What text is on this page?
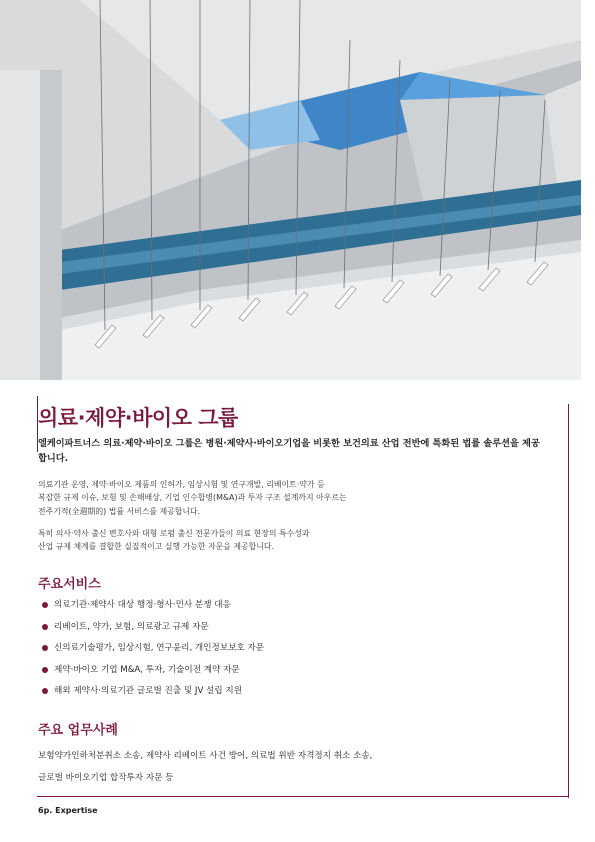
의료·제약·바이오 그룹

엘케이파트너스 의료·제약·바이오 그룹은 병원·제약사·바이오기업을 비롯한 보건의료 산업 전반에 특화된 법률 솔루션을 제공합니다.

의료기관 운영, 제약·바이오 제품의 인허가, 임상시험 및 연구개발, 리베이트·약가 등
복잡한 규제 이슈, 보험 및 손해배상, 기업 인수합병(M&A)과 투자 구조 설계까지 아우르는
전주기적(全週期的) 법률 서비스를 제공합니다.

특히 의사·약사 출신 변호사와 대형 로펌 출신 전문가들이 의료 현장의 특수성과
산업 규제 체계를 결합한 실질적이고 실행 가능한 자문을 제공합니다.

주요서비스
의료기관·제약사 대상 행정·형사·민사 분쟁 대응
리베이트, 약가, 보험, 의료광고 규제 자문
신의료기술평가, 임상시험, 연구윤리, 개인정보보호 자문
제약·바이오 기업 M&A, 투자, 기술이전 계약 자문
해외 제약사·의료기관 글로벌 진출 및 JV 설립 지원
주요 업무사례

보험약가인하처분취소 소송, 제약사 리베이트 사건 방어, 의료법 위반 자격정지 취소 소송,
글로벌 바이오기업 합작투자 자문 등

6p. Expertise
